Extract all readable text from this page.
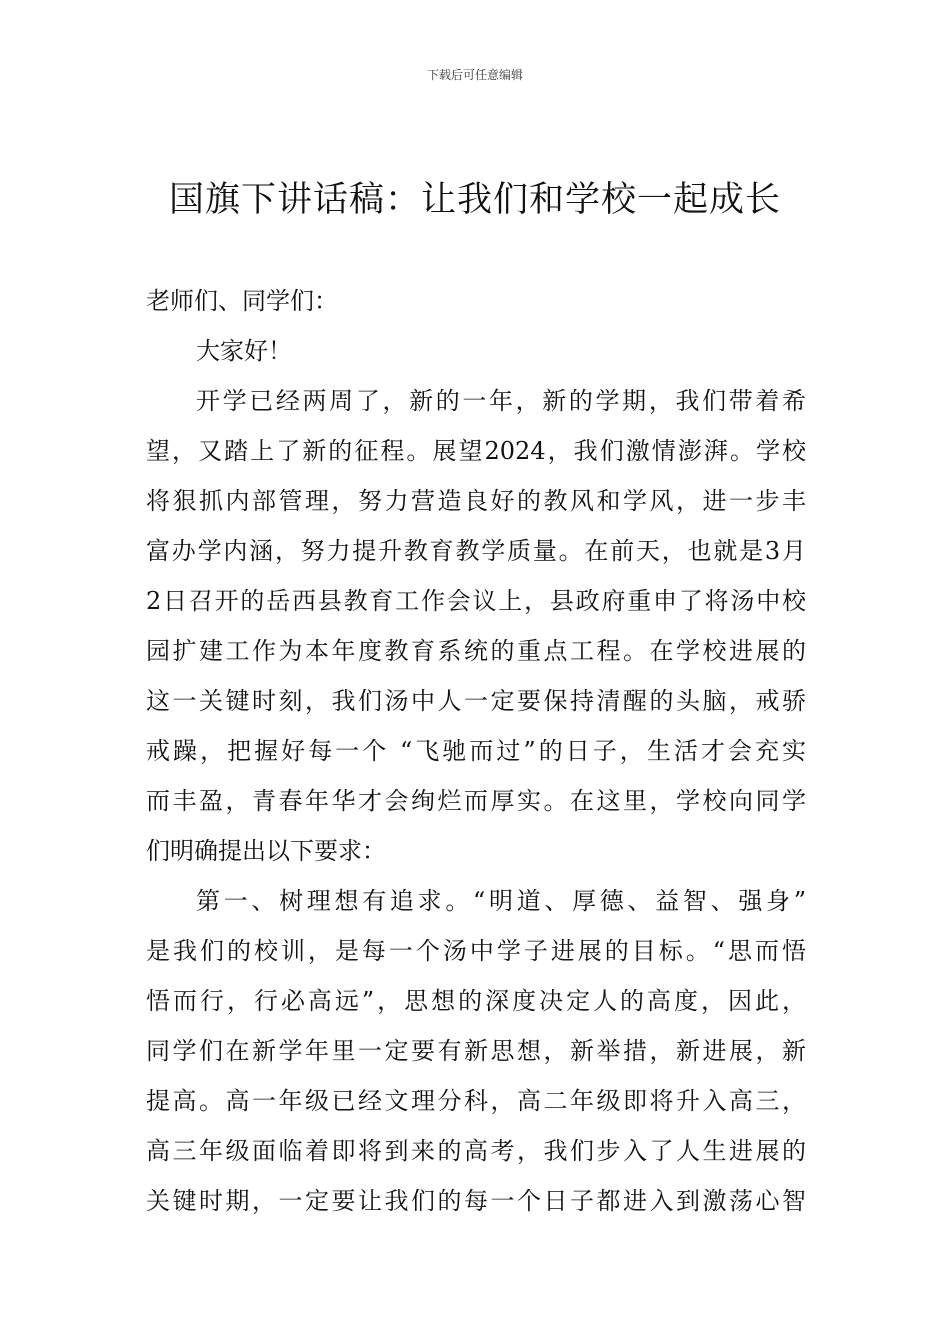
下载后可任意编辑
国旗下讲话稿：让我们和学校一起成长
老师们、同学们：
大家好！
开学已经两周了，新的一年，新的学期，我们带着希
望，又踏上了新的征程。展望2024，我们激情澎湃。学校
将狠抓内部管理，努力营造良好的教风和学风，进一步丰
富办学内涵，努力提升教育教学质量。在前天，也就是3月
2日召开的岳西县教育工作会议上，县政府重申了将汤中校
园扩建工作为本年度教育系统的重点工程。在学校进展的
这一关键时刻，我们汤中人一定要保持清醒的头脑，戒骄
戒躁，把握好每一个 “飞驰而过”的日子，生活才会充实
而丰盈，青春年华才会绚烂而厚实。在这里，学校向同学
们明确提出以下要求：
第一、树理想有追求。“明道、厚德、益智、强身”
是我们的校训，是每一个汤中学子进展的目标。“思而悟
悟而行，行必高远”，思想的深度决定人的高度，因此，
同学们在新学年里一定要有新思想，新举措，新进展，新
提高。高一年级已经文理分科，高二年级即将升入高三，
高三年级面临着即将到来的高考，我们步入了人生进展的
关键时期，一定要让我们的每一个日子都进入到激荡心智
